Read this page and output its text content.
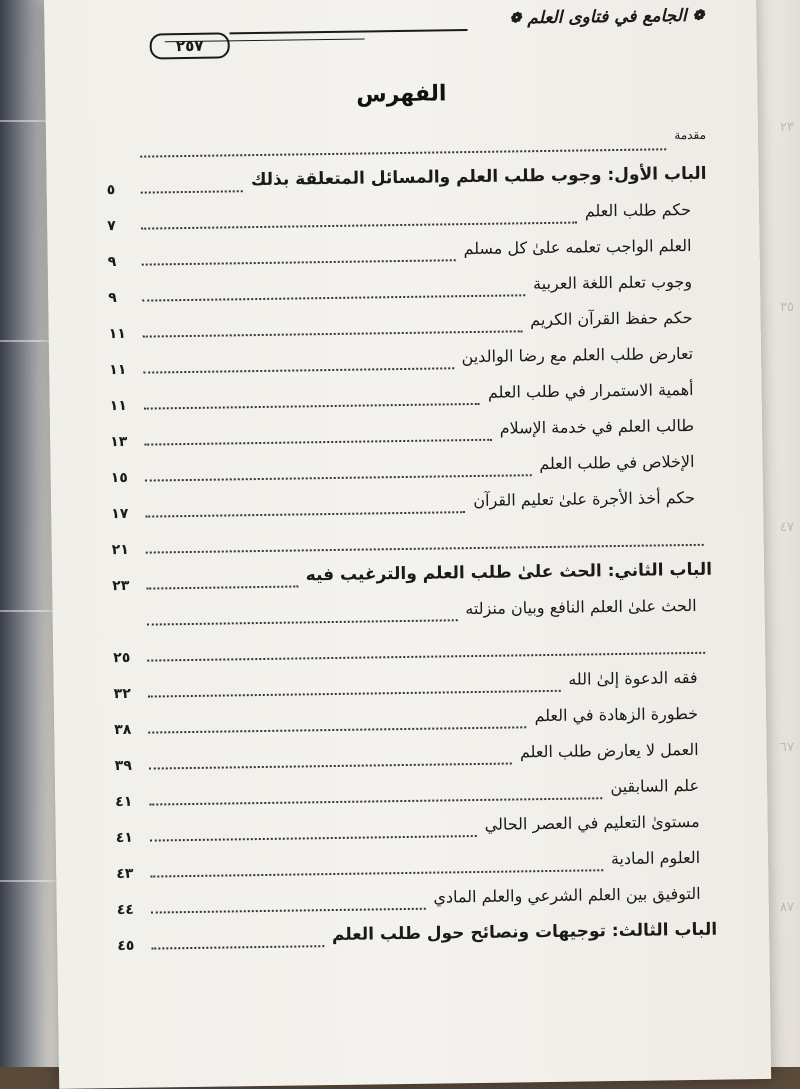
٢٣
٣٥
٤٧
٦٧
٨٧
❁
الجامع في فتاوى العلم
❁
٢٥٧
الفهرس
مقدمة
الباب الأول: وجوب طلب العلم والمسائل المتعلقة بذلك
٥
حكم طلب العلم
٧
العلم الواجب تعلمه علىٰ كل مسلم
٩
وجوب تعلم اللغة العربية
٩
حكم حفظ القرآن الكريم
١١
تعارض طلب العلم مع رضا الوالدين
١١
أهمية الاستمرار في طلب العلم
١١
طالب العلم في خدمة الإسلام
١٣
الإخلاص في طلب العلم
١٥
حكم أخذ الأجرة علىٰ تعليم القرآن
١٧
٢١
الباب الثاني: الحث علىٰ طلب العلم والترغيب فيه
٢٣
الحث علىٰ العلم النافع وبيان منزلته
٢٥
فقه الدعوة إلىٰ الله
٣٢
خطورة الزهادة في العلم
٣٨
العمل لا يعارض طلب العلم
٣٩
علم السابقين
٤١
مستوىٰ التعليم في العصر الحالي
٤١
العلوم المادية
٤٣
التوفيق بين العلم الشرعي والعلم المادي
٤٤
الباب الثالث: توجيهات ونصائح حول طلب العلم
٤٥
